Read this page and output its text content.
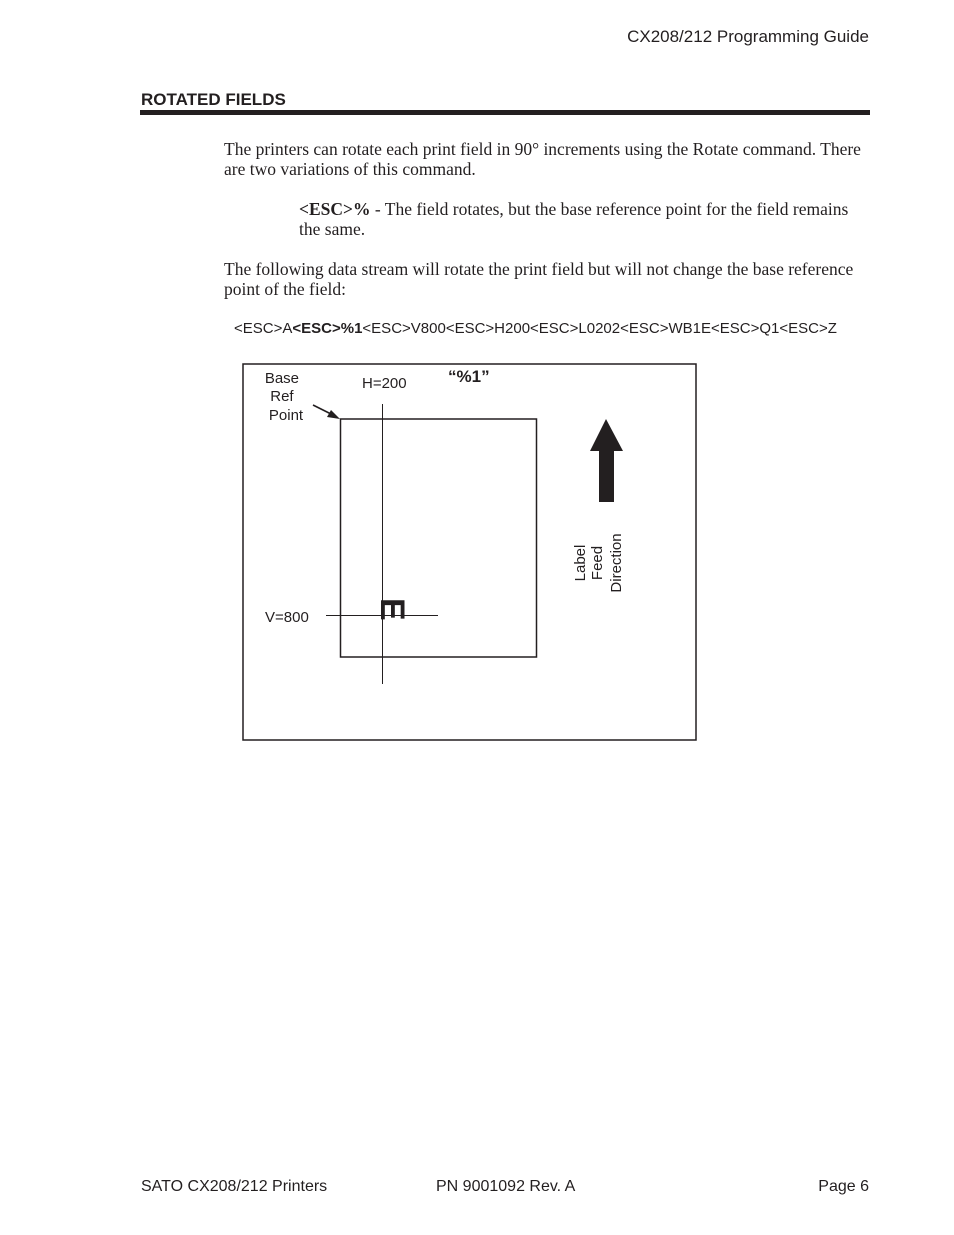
CX208/212 Programming Guide
ROTATED FIELDS
The printers can rotate each print field in 90° increments using the Rotate command. There are two variations of this command.
<ESC>% - The field rotates, but the base reference point for the field remains the same.
The following data stream will rotate the print field but will not change the base reference point of the field:
<ESC>A<ESC>%1<ESC>V800<ESC>H200<ESC>L0202<ESC>WB1E<ESC>Q1<ESC>Z
Base Ref Point
H=200 “%1”
V=800 E
Label Feed Direction
SATO CX208/212 Printers	PN 9001092 Rev. A	Page 6
